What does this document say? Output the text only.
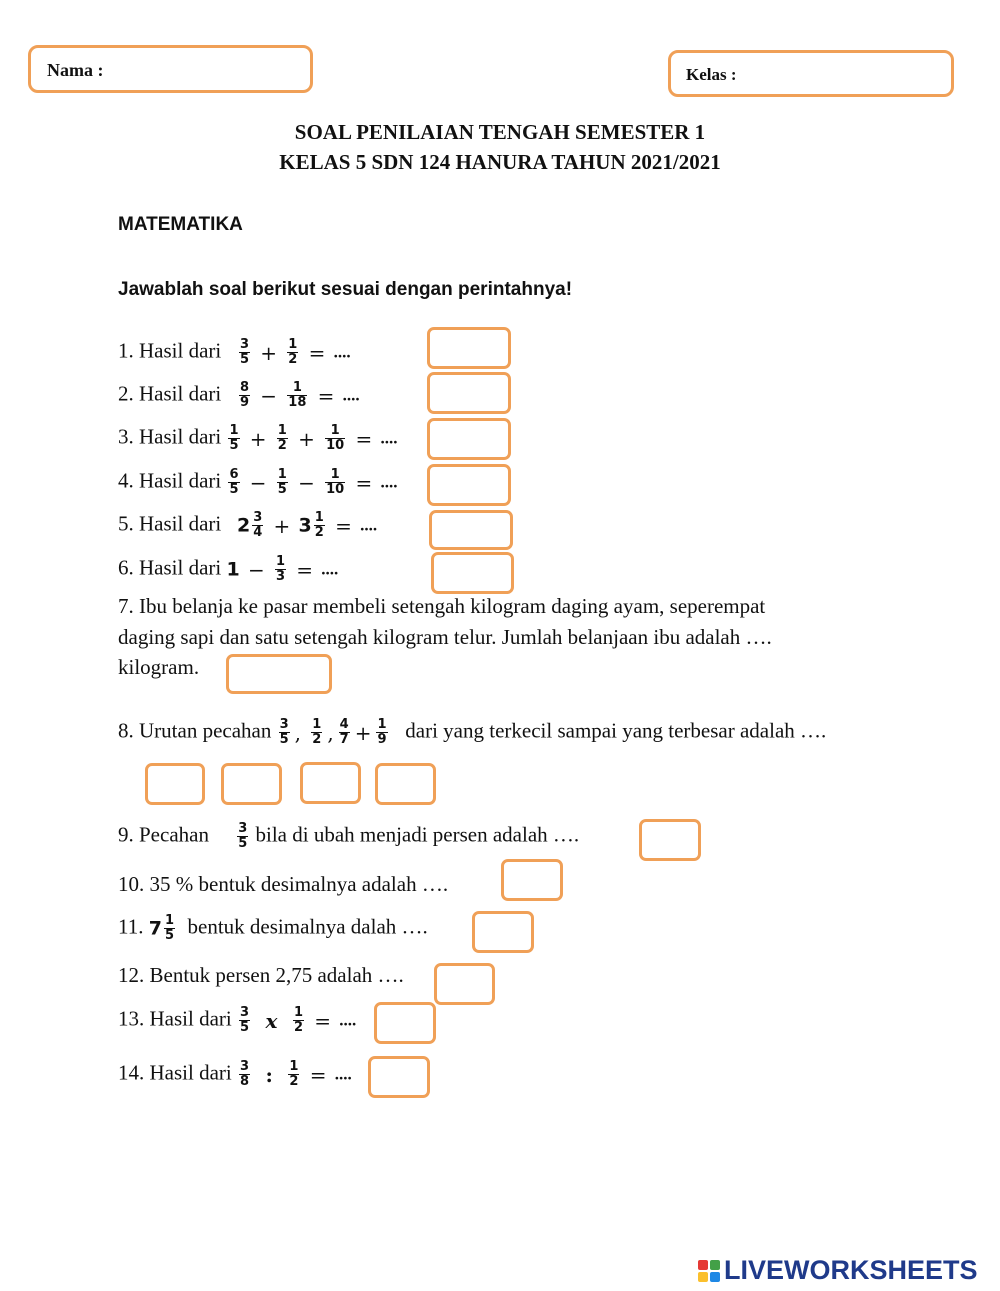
Nama :	Kelas :
SOAL PENILAIAN TENGAH SEMESTER 1
KELAS 5 SDN 124 HANURA TAHUN 2021/2021
MATEMATIKA
Jawablah soal berikut sesuai dengan perintahnya!
1. Hasil dari $\frac{3}{5} + \frac{1}{2}$ = ....
2. Hasil dari $\frac{8}{9} - \frac{1}{18}$ = ....
3. Hasil dari $\frac{1}{5} + \frac{1}{2} + \frac{1}{10}$ = ....
4. Hasil dari $\frac{6}{5} - \frac{1}{5} - \frac{1}{10}$ = ....
5. Hasil dari $2 \frac{3}{4} + 3 \frac{1}{2}$ = ....
6. Hasil dari $1 - \frac{1}{3}$ = ....
7. Ibu belanja ke pasar membeli setengah kilogram daging ayam, seperempat
daging sapi dan satu setengah kilogram telur. Jumlah belanjaan ibu adalah ….
kilogram.
8. Urutan pecahan $\frac{3}{5}$ , $\frac{1}{2}$ , $\frac{4}{7} + \frac{1}{9}$ dari yang terkecil sampai yang terbesar adalah ….
9. Pecahan $\frac{3}{5}$ bila di ubah menjadi persen adalah ….
10. 35 % bentuk desimalnya adalah ….
11. $7 \frac{1}{5}$ bentuk desimalnya dalah ….
12. Bentuk persen 2,75 adalah ….
13. Hasil dari $\frac{3}{5}$ x $\frac{1}{2}$ = ....
14. Hasil dari $\frac{3}{8}$ : $\frac{1}{2}$ = ....
LIVEWORKSHEETS
